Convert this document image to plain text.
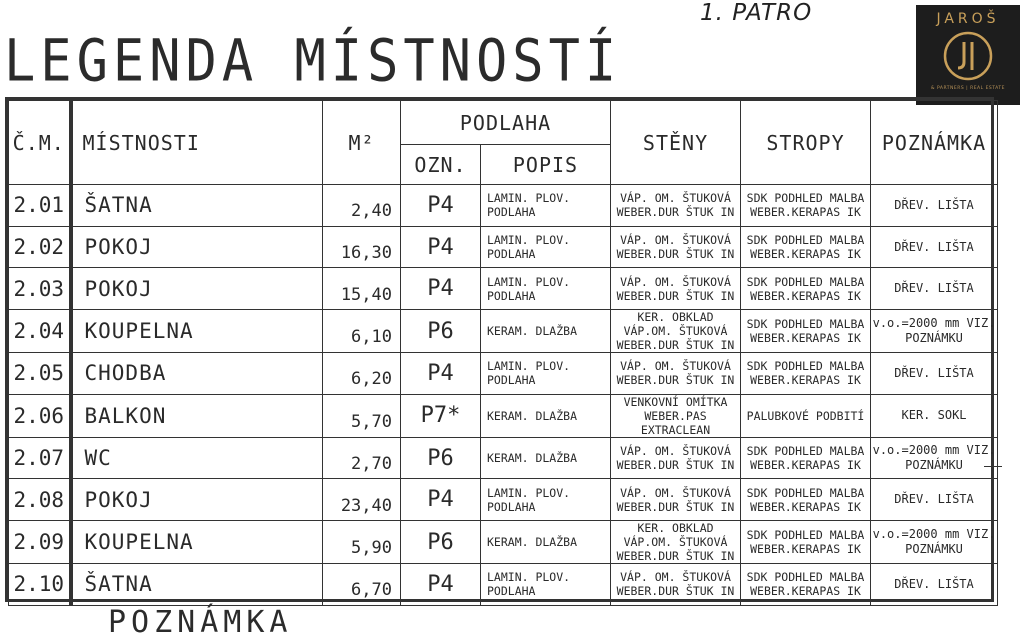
1. PATRO
LEGENDA MÍSTNOSTÍ
JAROŠ
& PARTNERS | REAL ESTATE
Č.M.	MÍSTNOSTI	M²	PODLAHA		STĚNY	STROPY	POZNÁMKA
			OZN.	POPIS			
2.01	ŠATNA	2,40	P4	LAMIN. PLOV. PODLAHA	VÁP. OM. ŠTUKOVÁ WEBER.DUR ŠTUK IN	SDK PODHLED MALBA WEBER.KERAPAS IK	DŘEV. LIŠTA
2.02	POKOJ	16,30	P4	LAMIN. PLOV. PODLAHA	VÁP. OM. ŠTUKOVÁ WEBER.DUR ŠTUK IN	SDK PODHLED MALBA WEBER.KERAPAS IK	DŘEV. LIŠTA
2.03	POKOJ	15,40	P4	LAMIN. PLOV. PODLAHA	VÁP. OM. ŠTUKOVÁ WEBER.DUR ŠTUK IN	SDK PODHLED MALBA WEBER.KERAPAS IK	DŘEV. LIŠTA
2.04	KOUPELNA	6,10	P6	KERAM. DLAŽBA	KER. OBKLAD VÁP.OM. ŠTUKOVÁ WEBER.DUR ŠTUK IN	SDK PODHLED MALBA WEBER.KERAPAS IK	v.o.=2000 mm VIZ. POZNÁMKU
2.05	CHODBA	6,20	P4	LAMIN. PLOV. PODLAHA	VÁP. OM. ŠTUKOVÁ WEBER.DUR ŠTUK IN	SDK PODHLED MALBA WEBER.KERAPAS IK	DŘEV. LIŠTA
2.06	BALKON	5,70	P7*	KERAM. DLAŽBA	VENKOVNÍ OMÍTKA WEBER.PAS EXTRACLEAN	PALUBKOVÉ PODBITÍ	KER. SOKL
2.07	WC	2,70	P6	KERAM. DLAŽBA	VÁP. OM. ŠTUKOVÁ WEBER.DUR ŠTUK IN	SDK PODHLED MALBA WEBER.KERAPAS IK	v.o.=2000 mm VIZ. POZNÁMKU
2.08	POKOJ	23,40	P4	LAMIN. PLOV. PODLAHA	VÁP. OM. ŠTUKOVÁ WEBER.DUR ŠTUK IN	SDK PODHLED MALBA WEBER.KERAPAS IK	DŘEV. LIŠTA
2.09	KOUPELNA	5,90	P6	KERAM. DLAŽBA	KER. OBKLAD VÁP.OM. ŠTUKOVÁ WEBER.DUR ŠTUK IN	SDK PODHLED MALBA WEBER.KERAPAS IK	v.o.=2000 mm VIZ. POZNÁMKU
2.10	ŠATNA	6,70	P4	LAMIN. PLOV. PODLAHA	VÁP. OM. ŠTUKOVÁ WEBER.DUR ŠTUK IN	SDK PODHLED MALBA WEBER.KERAPAS IK	DŘEV. LIŠTA
POZNÁMKA
